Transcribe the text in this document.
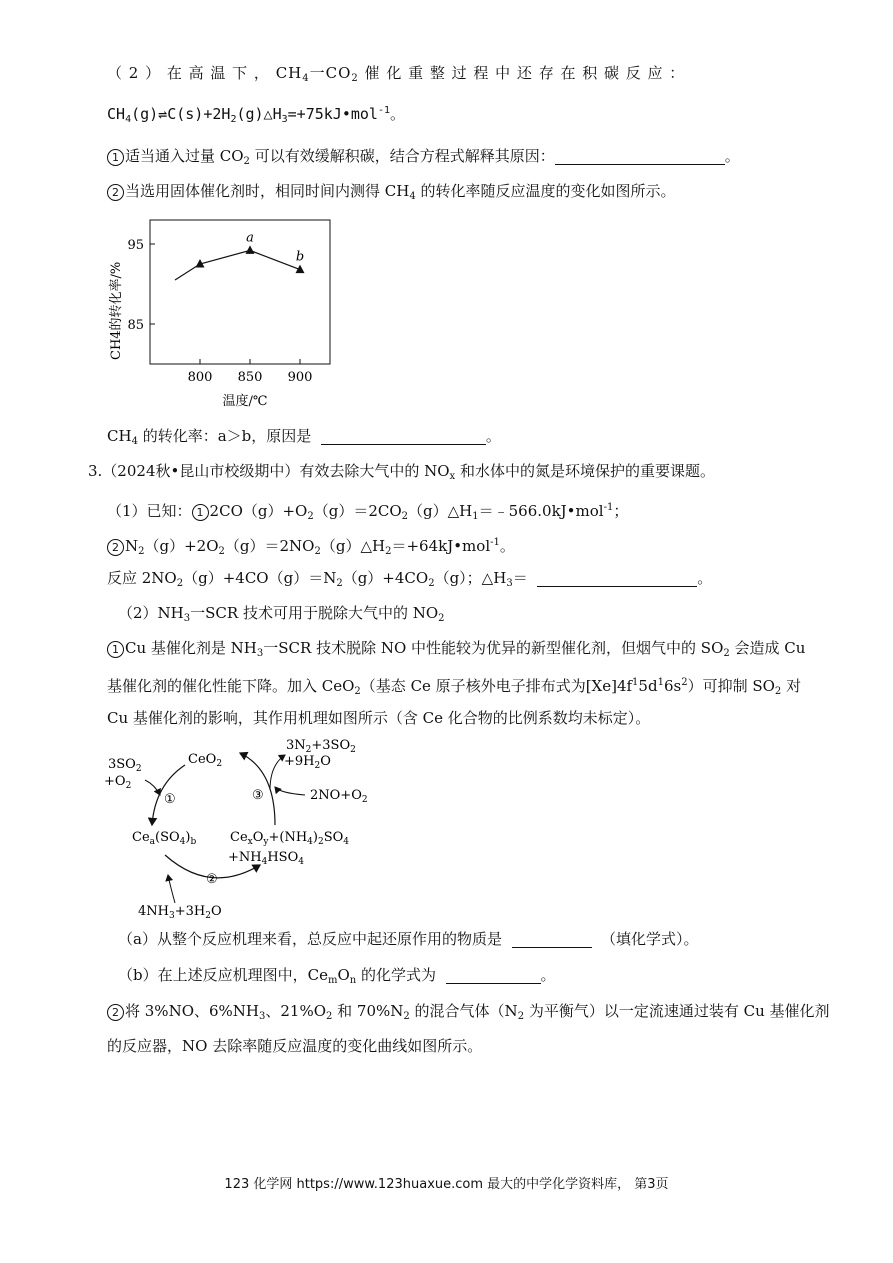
（ 2 ） 在 高 温 下 ， $CH_4$一$CO_2$ 催 化 重 整 过 程 中 还 存 在 积 碳 反 应 ：
$CH_4(g)\rightleftharpoons C(s)+2H_2(g)\triangle H_3=+75kJ•mol^{-1}$。
1 适当通入过量 $CO_2$ 可以有效缓解积碳，结合方程式解释其原因：	。
2 当选用固体催化剂时，相同时间内测得 $CH_4$ 的转化率随反应温度的变化如图所示。
a
b
800 850 900
85
95
CH4的转化率/%
温度/℃
$CH_4$ 的转化率：a＞b，原因是	。
3.（2024秋•昆山市校级期中）有效去除大气中的 $NO_x$ 和水体中的氮是环境保护的重要课题。
（1）已知： 1 $2CO(g)+O_2(g)=2CO_2(g)\triangle H_1=﹣566.0kJ•mol^{-1}$；
2 $N_2(g)+2O_2(g)=2NO_2(g)\triangle H_2=+64kJ•mol^{-1}$。
反应 $2NO_2(g)+4CO(g)=N_2(g)+4CO_2(g)$；$\triangle H_3=$	。
$(2)NH_3$一SCR 技术可用于脱除大气中的 $NO_2$
1 Cu 基催化剂是 $NH_3$一SCR 技术脱除 NO 中性能较为优异的新型催化剂，但烟气中的 $SO_2$ 会造成 Cu
基催化剂的催化性能下降。加入 CeO$_2$（基态 Ce 原子核外电子排布式为$[Xe]4f^15d^16s^2$）可抑制 $SO_2$ 对
Cu 基催化剂的影响，其作用机理如图所示（含 Ce 化合物的比例系数均未标定）。
$3SO_2$
$+O_2$
CeO$_2$
①
$Ce_a(SO_4)_b$	$Ce_xO_y+(NH_4)_2SO_4$
$+NH_4HSO_4$
②
③
$3N_2+3SO_2$
$+9H_2O$
$2NO+O_2$
$4NH_3+3H_2O$
（a）从整个反应机理来看，总反应中起还原作用的物质是	（填化学式）。
（b）在上述反应机理图中，$Ce_mO_n$ 的化学式为	。
2 将 3%NO、$6\%NH_3$、$21\%O_2$ 和 $70\%N_2$ 的混合气体（$N_2$ 为平衡气）以一定流速通过装有 Cu 基催化剂
的反应器，NO 去除率随反应温度的变化曲线如图所示。
123 化学网 https://www.123huaxue.com 最大的中学化学资料库， 第3页
